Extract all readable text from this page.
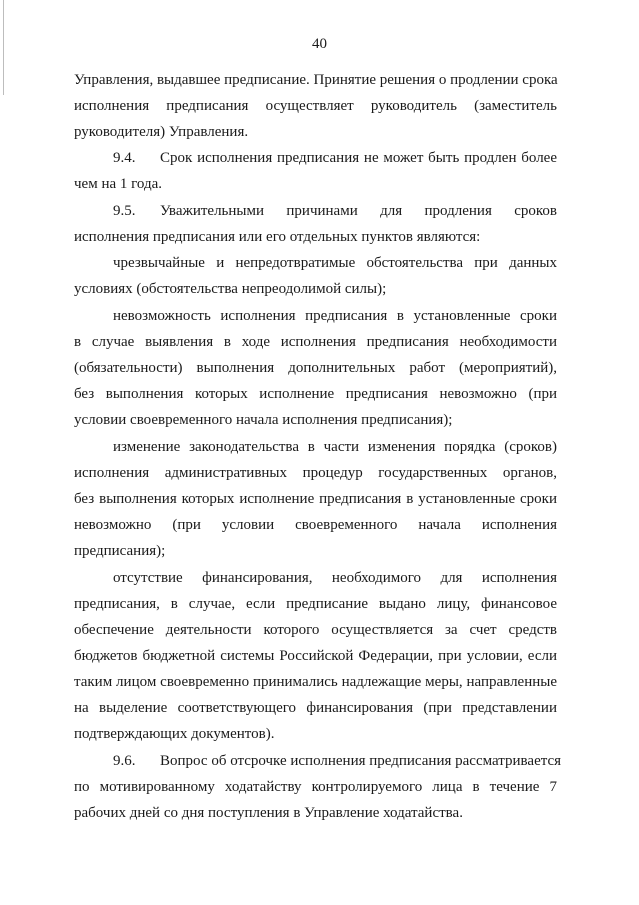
40
Управления, выдавшее предписание. Принятие решения о продлении срока
исполнения предписания осуществляет руководитель (заместитель
руководителя) Управления.
9.4. Срок исполнения предписания не может быть продлен более
чем на 1 года.
9.5. Уважительными причинами для продления сроков
исполнения предписания или его отдельных пунктов являются:
чрезвычайные и непредотвратимые обстоятельства при данных
условиях (обстоятельства непреодолимой силы);
невозможность исполнения предписания в установленные сроки
в случае выявления в ходе исполнения предписания необходимости
(обязательности) выполнения дополнительных работ (мероприятий),
без выполнения которых исполнение предписания невозможно (при
условии своевременного начала исполнения предписания);
изменение законодательства в части изменения порядка (сроков)
исполнения административных процедур государственных органов,
без выполнения которых исполнение предписания в установленные сроки
невозможно (при условии своевременного начала исполнения
предписания);
отсутствие финансирования, необходимого для исполнения
предписания, в случае, если предписание выдано лицу, финансовое
обеспечение деятельности которого осуществляется за счет средств
бюджетов бюджетной системы Российской Федерации, при условии, если
таким лицом своевременно принимались надлежащие меры, направленные
на выделение соответствующего финансирования (при представлении
подтверждающих документов).
9.6. Вопрос об отсрочке исполнения предписания рассматривается
по мотивированному ходатайству контролируемого лица в течение 7
рабочих дней со дня поступления в Управление ходатайства.
